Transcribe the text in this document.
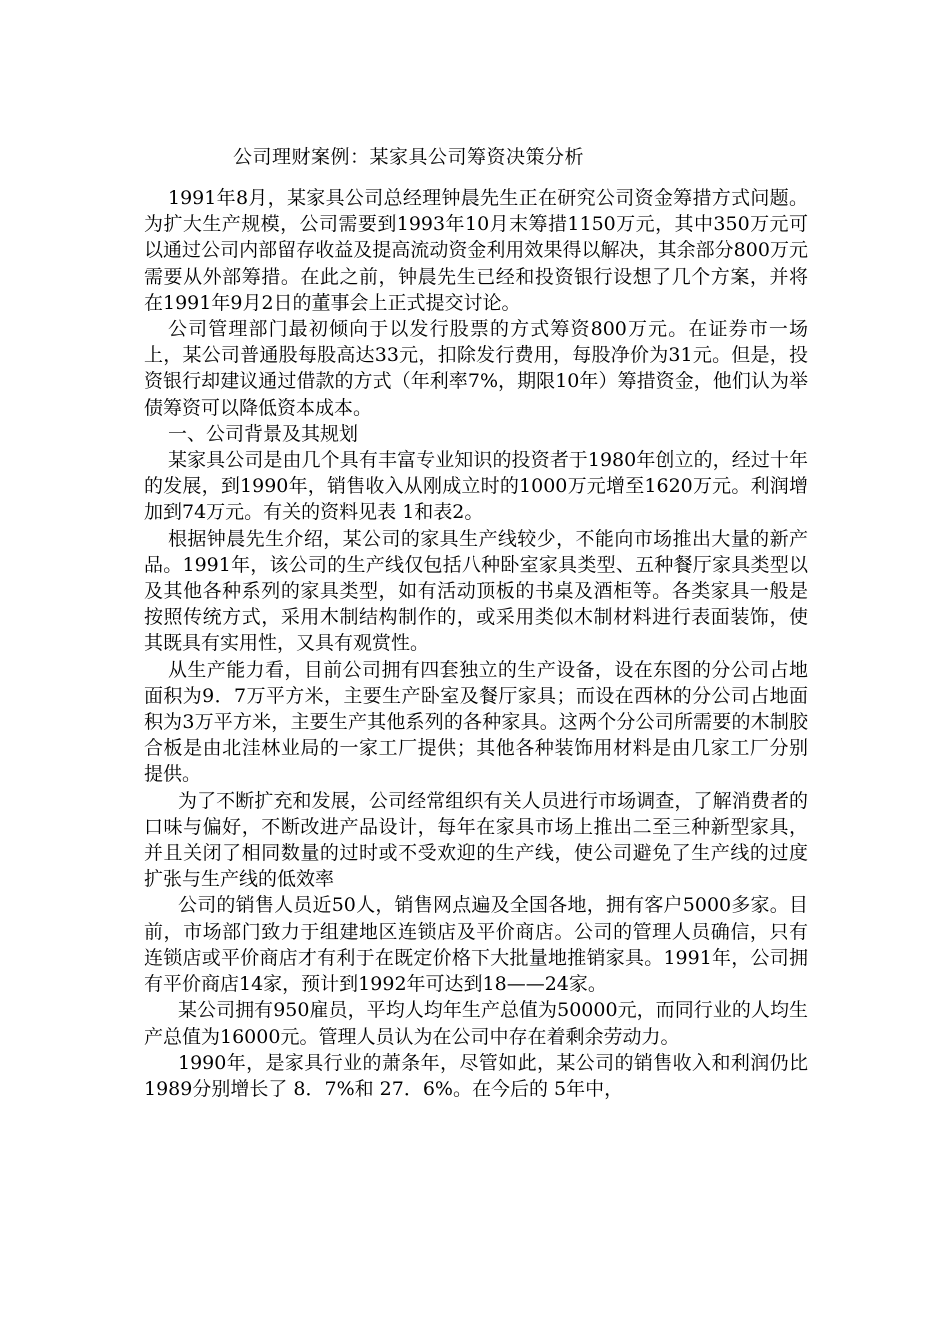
公司理财案例：某家具公司筹资决策分析

1991年8月，某家具公司总经理钟晨先生正在研究公司资金筹措方式问题。为扩大生产规模，公司需要到1993年10月末筹措1150万元，其中350万元可以通过公司内部留存收益及提高流动资金利用效果得以解决，其余部分800万元需要从外部筹措。在此之前，钟晨先生已经和投资银行设想了几个方案，并将在1991年9月2日的董事会上正式提交讨论。

公司管理部门最初倾向于以发行股票的方式筹资800万元。在证券市一场上，某公司普通股每股高达33元，扣除发行费用，每股净价为31元。但是，投资银行却建议通过借款的方式（年利率7%，期限10年）筹措资金，他们认为举债筹资可以降低资本成本。

一、公司背景及其规划

某家具公司是由几个具有丰富专业知识的投资者于1980年创立的，经过十年的发展，到1990年，销售收入从刚成立时的1000万元增至1620万元。利润增加到74万元。有关的资料见表 1和表2。

根据钟晨先生介绍，某公司的家具生产线较少，不能向市场推出大量的新产品。1991年，该公司的生产线仅包括八种卧室家具类型、五种餐厅家具类型以及其他各种系列的家具类型，如有活动顶板的书桌及酒柜等。各类家具一般是按照传统方式，采用木制结构制作的，或采用类似木制材料进行表面装饰，使其既具有实用性，又具有观赏性。

从生产能力看，目前公司拥有四套独立的生产设备，设在东图的分公司占地面积为9．7万平方米，主要生产卧室及餐厅家具；而设在西林的分公司占地面积为3万平方米，主要生产其他系列的各种家具。这两个分公司所需要的木制胶合板是由北洼林业局的一家工厂提供；其他各种装饰用材料是由几家工厂分别提供。

为了不断扩充和发展，公司经常组织有关人员进行市场调查，了解消费者的口味与偏好，不断改进产品设计，每年在家具市场上推出二至三种新型家具，并且关闭了相同数量的过时或不受欢迎的生产线，使公司避免了生产线的过度扩张与生产线的低效率

公司的销售人员近50人，销售网点遍及全国各地，拥有客户5000多家。目前，市场部门致力于组建地区连锁店及平价商店。公司的管理人员确信，只有连锁店或平价商店才有利于在既定价格下大批量地推销家具。1991年，公司拥有平价商店14家，预计到1992年可达到18——24家。

某公司拥有950雇员，平均人均年生产总值为50000元，而同行业的人均生产总值为16000元。管理人员认为在公司中存在着剩余劳动力。

1990年，是家具行业的萧条年，尽管如此，某公司的销售收入和利润仍比1989分别增长了 8．7%和 27．6%。在今后的 5年中，
